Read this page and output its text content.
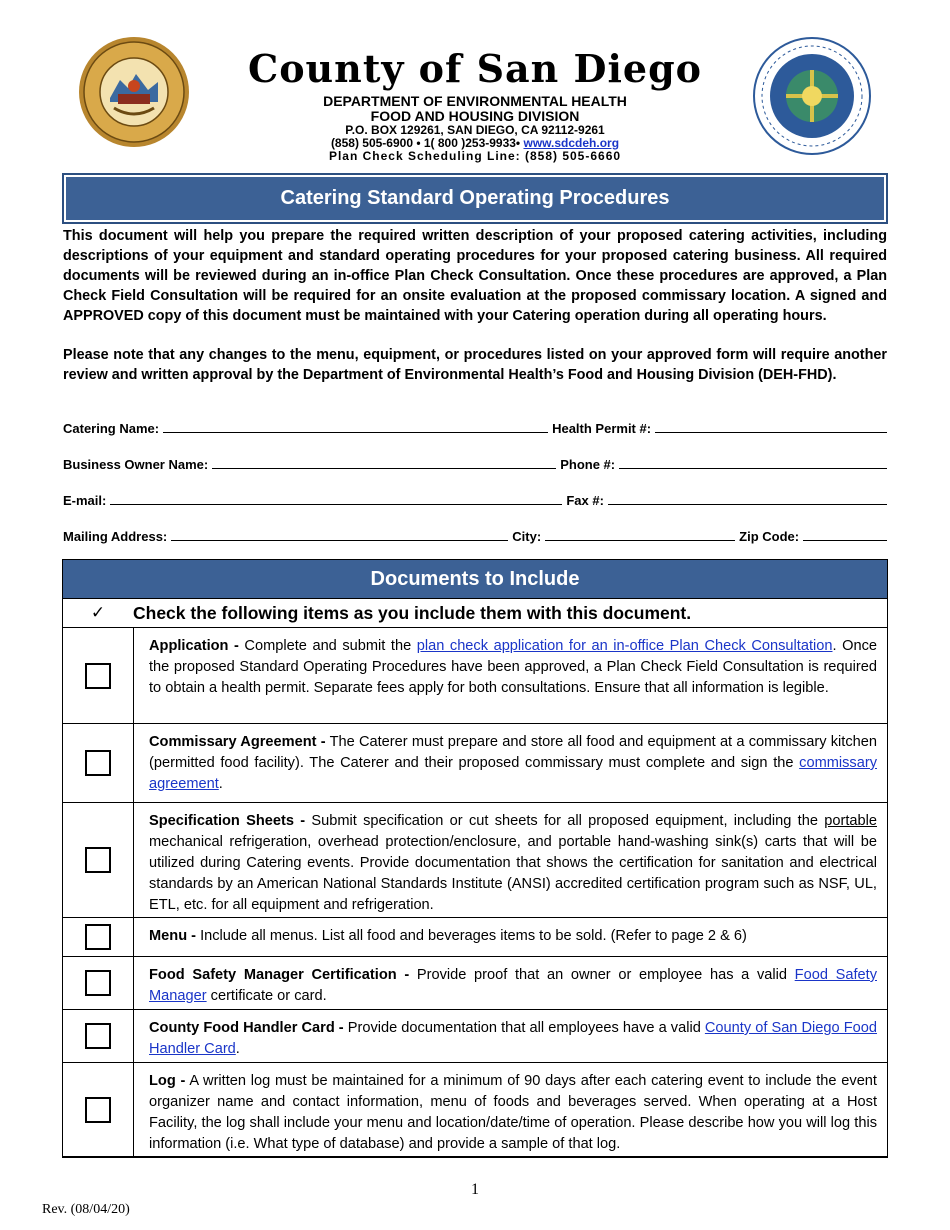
County of San Diego
DEPARTMENT OF ENVIRONMENTAL HEALTH
FOOD AND HOUSING DIVISION
P.O. BOX 129261, SAN DIEGO, CA 92112-9261
(858) 505-6900 • 1( 800 )253-9933• www.sdcdeh.org
Plan Check Scheduling Line: (858) 505-6660
Catering Standard Operating Procedures
This document will help you prepare the required written description of your proposed catering activities, including descriptions of your equipment and standard operating procedures for your proposed catering business. All required documents will be reviewed during an in-office Plan Check Consultation. Once these procedures are approved, a Plan Check Field Consultation will be required for an onsite evaluation at the proposed commissary location. A signed and APPROVED copy of this document must be maintained with your Catering operation during all operating hours.
Please note that any changes to the menu, equipment, or procedures listed on your approved form will require another review and written approval by the Department of Environmental Health’s Food and Housing Division (DEH-FHD).
Catering Name:	Health Permit #:
Business Owner Name:	Phone #:
E-mail:	Fax #:
Mailing Address:	City:	Zip Code:
Documents to Include
✓	Check the following items as you include them with this document.
Application - Complete and submit the plan check application for an in-office Plan Check Consultation. Once the proposed Standard Operating Procedures have been approved, a Plan Check Field Consultation is required to obtain a health permit. Separate fees apply for both consultations. Ensure that all information is legible.
Commissary Agreement - The Caterer must prepare and store all food and equipment at a commissary kitchen (permitted food facility). The Caterer and their proposed commissary must complete and sign the commissary agreement.
Specification Sheets - Submit specification or cut sheets for all proposed equipment, including the portable mechanical refrigeration, overhead protection/enclosure, and portable hand-washing sink(s) carts that will be utilized during Catering events. Provide documentation that shows the certification for sanitation and electrical standards by an American National Standards Institute (ANSI) accredited certification program such as NSF, UL, ETL, etc. for all equipment and refrigeration.
Menu - Include all menus. List all food and beverages items to be sold. (Refer to page 2 & 6)
Food Safety Manager Certification - Provide proof that an owner or employee has a valid Food Safety Manager certificate or card.
County Food Handler Card - Provide documentation that all employees have a valid County of San Diego Food Handler Card.
Log - A written log must be maintained for a minimum of 90 days after each catering event to include the event organizer name and contact information, menu of foods and beverages served. When operating at a Host Facility, the log shall include your menu and location/date/time of operation. Please describe how you will log this information (i.e. What type of database) and provide a sample of that log.
1
Rev. (08/04/20)
